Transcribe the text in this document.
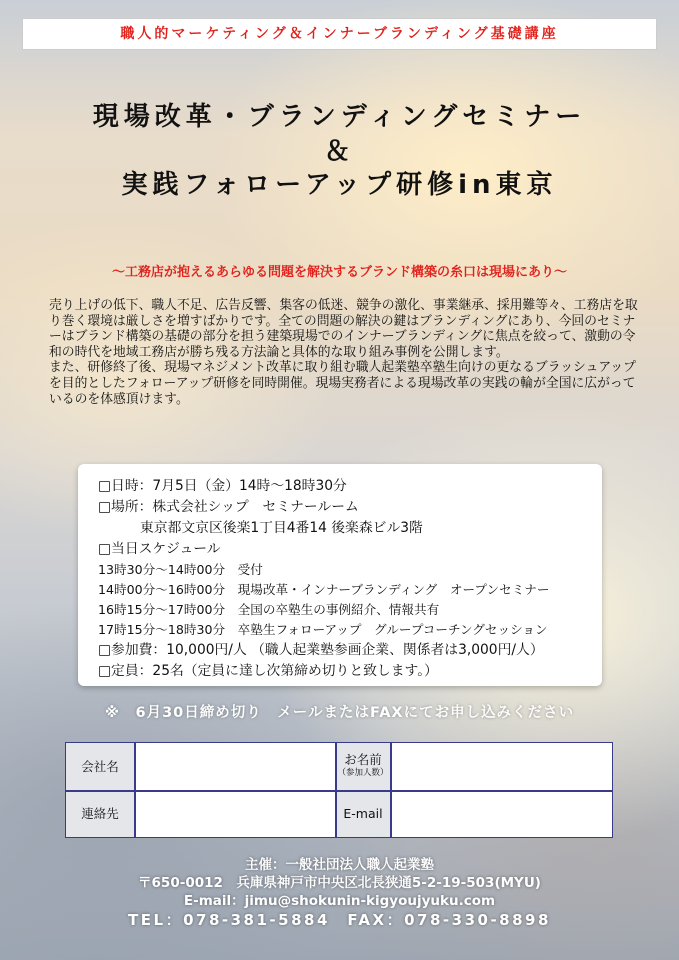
職人的マーケティング＆インナーブランディング基礎講座
現場改革・ブランディングセミナー
＆
実践フォローアップ研修in東京
〜工務店が抱えるあらゆる問題を解決するブランド構築の糸口は現場にあり〜

売り上げの低下、職人不足、広告反響、集客の低迷、競争の激化、事業継承、採用難等々、工務店を取り巻く環境は厳しさを増すばかりです。全ての問題の解決の鍵はブランディングにあり、今回のセミナーはブランド構築の基礎の部分を担う建築現場でのインナーブランディングに焦点を絞って、激動の令和の時代を地域工務店が勝ち残る方法論と具体的な取り組み事例を公開します。

また、研修終了後、現場マネジメント改革に取り組む職人起業塾卒塾生向けの更なるブラッシュアップを目的としたフォローアップ研修を同時開催。現場実務者による現場改革の実践の輪が全国に広がっているのを体感頂けます。

□日時：7月5日（金）14時〜18時30分
□場所：株式会社シップ　セミナールーム
東京都文京区後楽1丁目4番14 後楽森ビル3階
□当日スケジュール
13時30分〜14時00分　受付
14時00分〜16時00分　現場改革・インナーブランディング　オープンセミナー
16時15分〜17時00分　全国の卒塾生の事例紹介、情報共有
17時15分〜18時30分　卒塾生フォローアップ　グループコーチングセッション
□参加費：10,000円/人 （職人起業塾参画企業、関係者は3,000円/人）
□定員：25名（定員に達し次第締め切りと致します。）
※　6月30日締め切り　メールまたはFAXにてお申し込みください
会社名	お名前
（参加人数）
連絡先	E-mail
主催：一般社団法人職人起業塾
〒650-0012　兵庫県神戸市中央区北長狭通5-2-19-503(MYU)
E-mail：jimu@shokunin-kigyoujyuku.com
TEL：078-381-5884　FAX：078-330-8898
